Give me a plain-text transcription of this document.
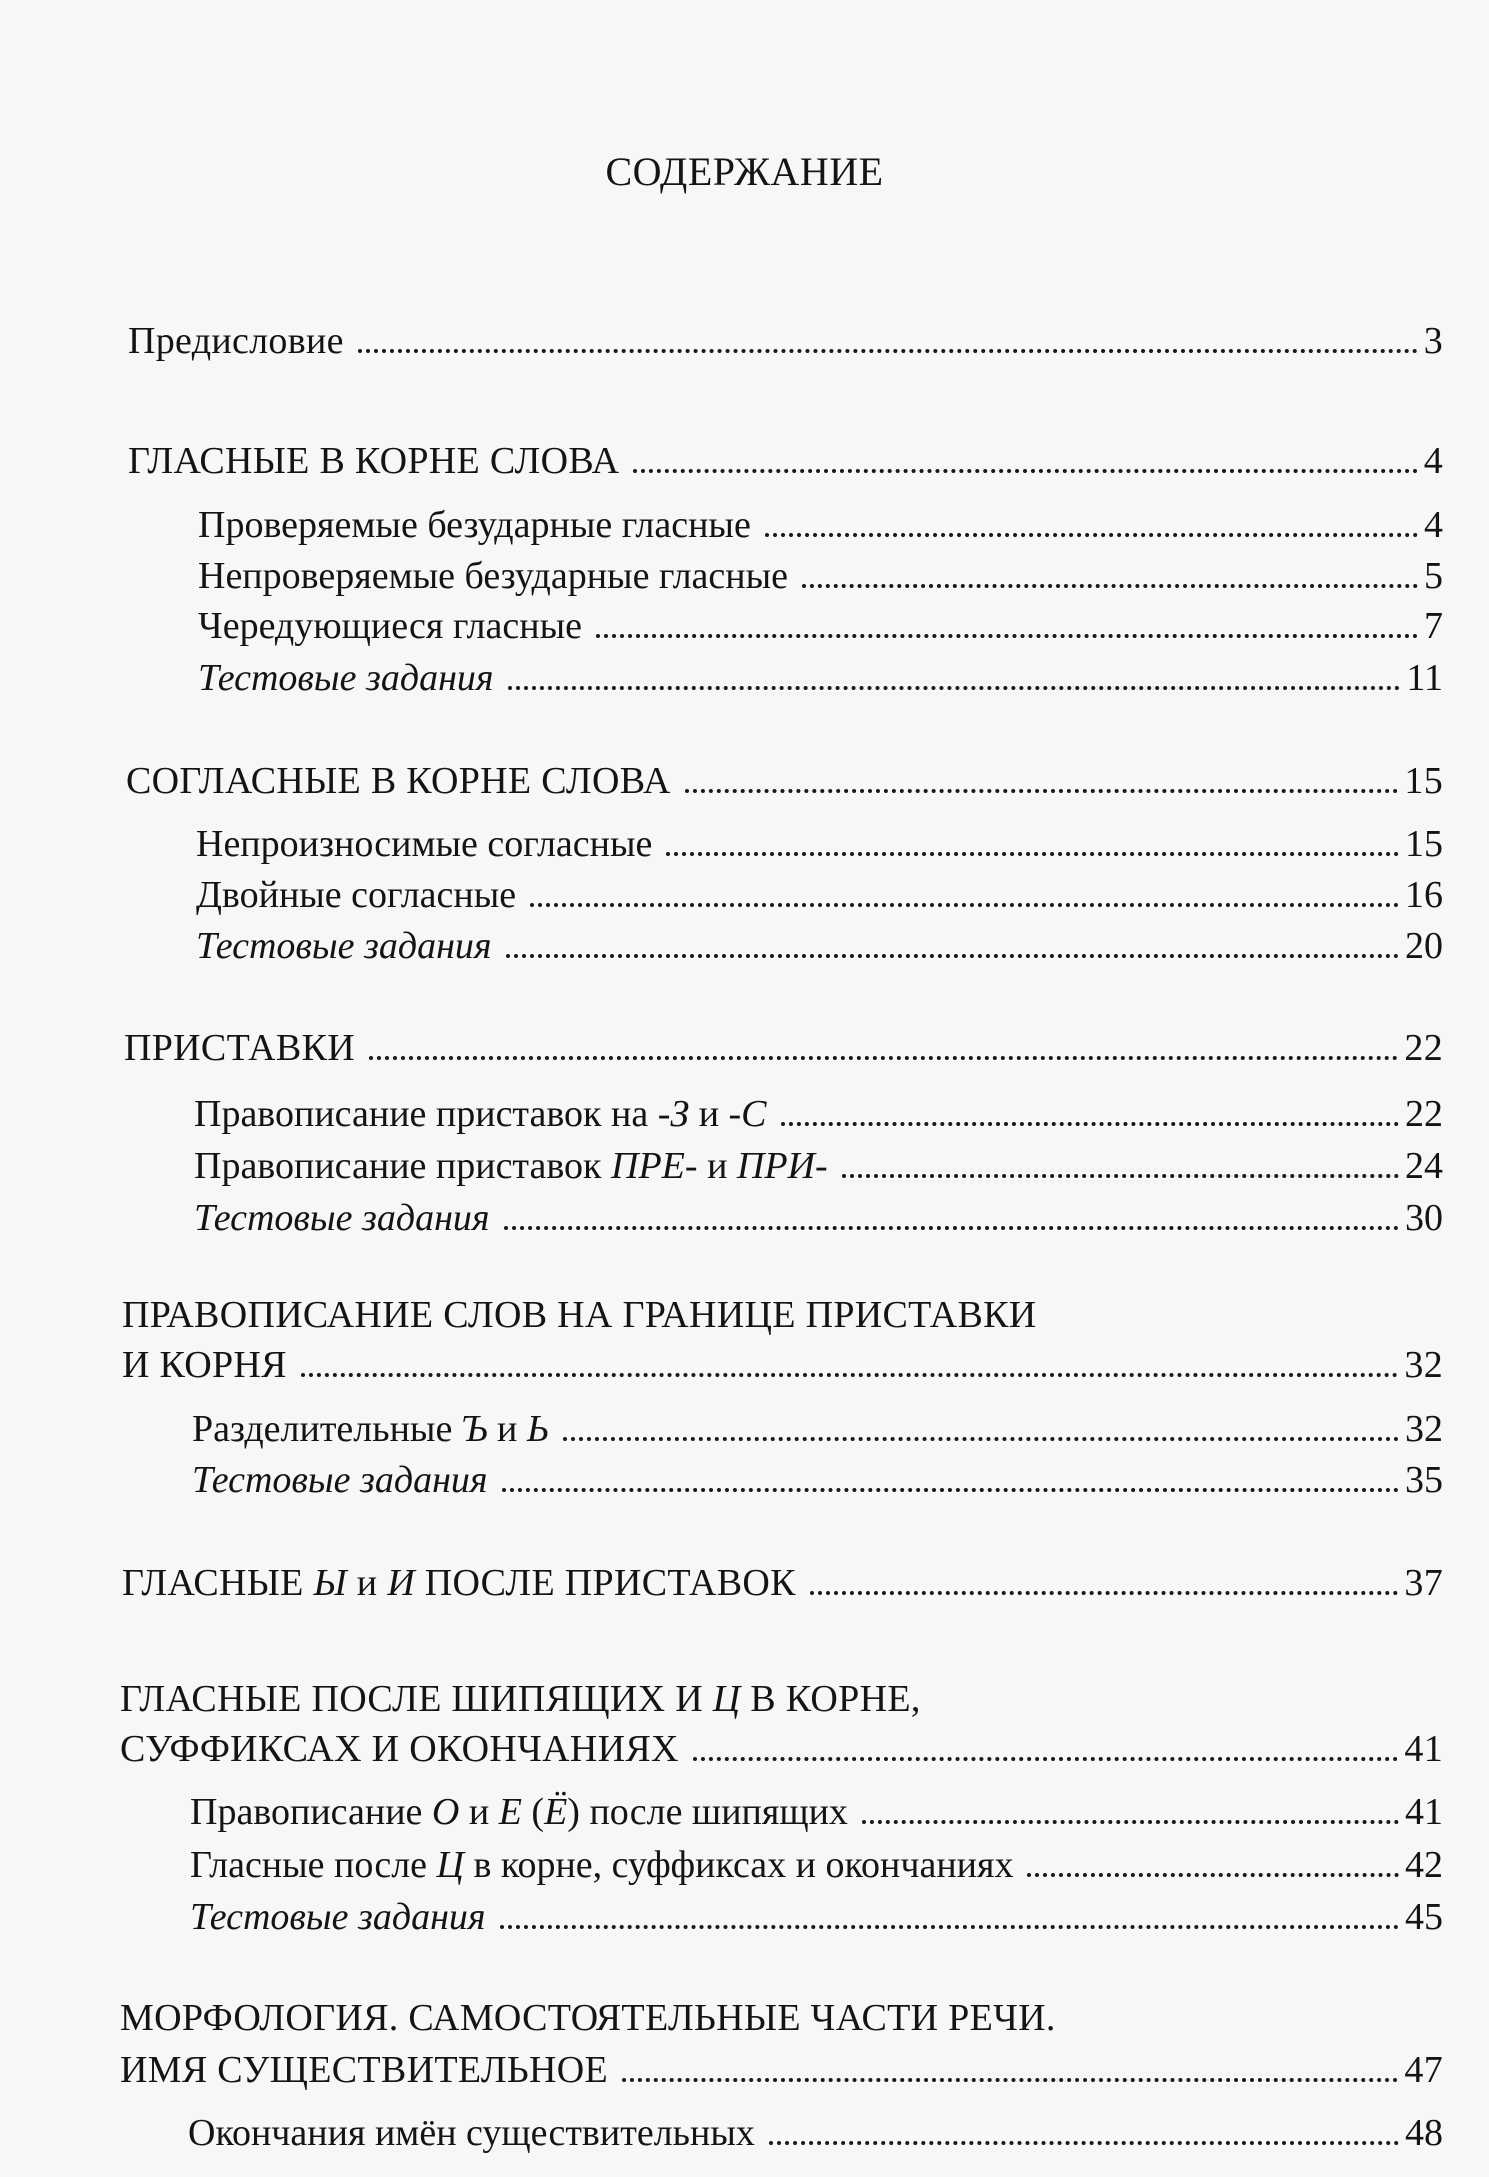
СОДЕРЖАНИЕ
Предисловие	3
ГЛАСНЫЕ В КОРНЕ СЛОВА	4
Проверяемые безударные гласные	4
Непроверяемые безударные гласные	5
Чередующиеся гласные	7
Тестовые задания	11
СОГЛАСНЫЕ В КОРНЕ СЛОВА	15
Непроизносимые согласные	15
Двойные согласные	16
Тестовые задания	20
ПРИСТАВКИ	22
Правописание приставок на -З и -С	22
Правописание приставок ПРЕ- и ПРИ-	24
Тестовые задания	30
ПРАВОПИСАНИЕ СЛОВ НА ГРАНИЦЕ ПРИСТАВКИ
И КОРНЯ	32
Разделительные Ъ и Ь	32
Тестовые задания	35
ГЛАСНЫЕ Ы и И ПОСЛЕ ПРИСТАВОК	37
ГЛАСНЫЕ ПОСЛЕ ШИПЯЩИХ И Ц В КОРНЕ,
СУФФИКСАХ И ОКОНЧАНИЯХ	41
Правописание О и Е (Ё) после шипящих	41
Гласные после Ц в корне, суффиксах и окончаниях	42
Тестовые задания	45
МОРФОЛОГИЯ. САМОСТОЯТЕЛЬНЫЕ ЧАСТИ РЕЧИ.
ИМЯ СУЩЕСТВИТЕЛЬНОЕ	47
Окончания имён существительных	48
